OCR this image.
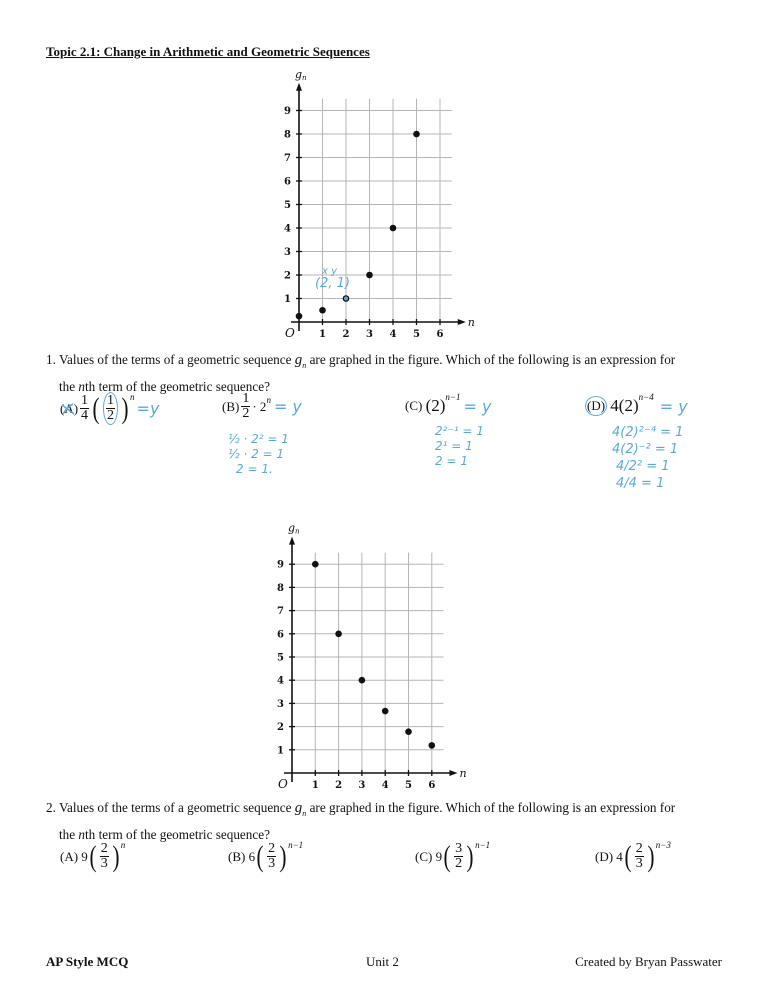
Topic 2.1: Change in Arithmetic and Geometric Sequences
1 2 3 4 5 6
1
2
3
4
5
6
7
8
9
O
n
gn
x y
(2, 1)
1. Values of the terms of a geometric sequence $g_n$ are graphed in the figure. Which of the following is an expression for
the nth term of the geometric sequence?
$(A) \frac{1}{4}$ ( $\frac{1}{2}$ ) n
=y	$(B) \frac{1}{2} \cdot 2$ n = y
½ · 2² = 1
½ · 2 = 1
2 = 1.
(C)
(2) n−1 = y
2²⁻¹ = 1
2¹ = 1
2 = 1
(D)
4 (2) n−4 = y
4(2)²⁻⁴ = 1
4(2)⁻² = 1
4/2² = 1
4/4 = 1
1 2 3 4 5 6
1
2
3
4
5
6
7
8
9
O
n
gn
2. Values of the terms of a geometric sequence $g_n$ are graphed in the figure. Which of the following is an expression for
the nth term of the geometric sequence?
(A)
9 ( $\frac{2}{3}$ ) n
(B)
6 ( $\frac{2}{3}$ ) n−1
(C)
9 ( $\frac{3}{2}$ ) n−1
(D)
4 ( $\frac{2}{3}$ ) n−3
AP Style MCQ	Unit 2	Created by Bryan Passwater
